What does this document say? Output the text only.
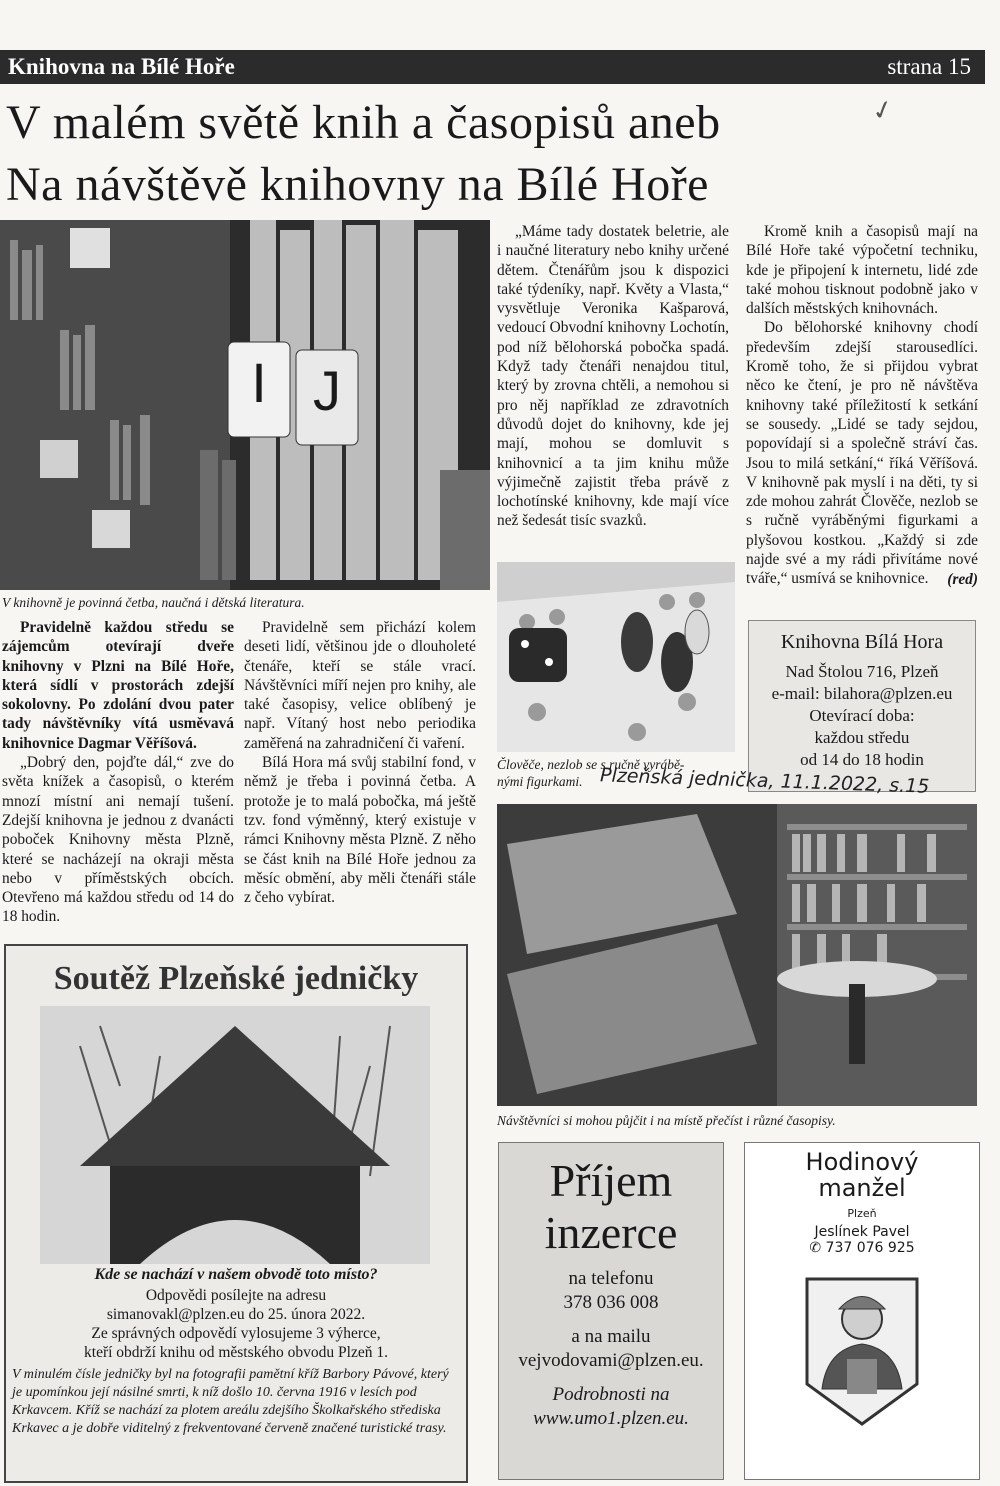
Knihovna na Bílé Hoře	strana 15
✓
V malém světě knih a časopisů aneb
Na návštěvě knihovny na Bílé Hoře
I J
V knihovně je povinná četba, naučná i dětská literatura.

Pravidelně každou středu se zájemcům otevírají dveře knihovny v Plzni na Bílé Hoře, která sídlí v prostorách zdejší sokolovny. Po zdolání dvou pater tady návštěvníky vítá usměvavá knihovnice Dagmar Věříšová.

„Dobrý den, pojďte dál,“ zve do světa knížek a časopisů, o kterém mnozí místní ani nemají tušení. Zdejší knihovna je jednou z dvanácti poboček Knihovny města Plzně, které se nacházejí na okraji města nebo v příměstských obcích. Otevřeno má každou středu od 14 do 18 hodin.

Pravidelně sem přichází kolem deseti lidí, většinou jde o dlouholeté čtenáře, kteří se stále vrací. Návštěvníci míří nejen pro knihy, ale také časopisy, velice oblíbený je např. Vítaný host nebo periodika zaměřená na zahradničení či vaření.

Bílá Hora má svůj stabilní fond, v němž je třeba i povinná četba. A protože je to malá pobočka, má ještě tzv. fond výměnný, který existuje v rámci Knihovny města Plzně. Z něho se část knih na Bílé Hoře jednou za měsíc obmění, aby měli čtenáři stále z čeho vybírat.

„Máme tady dostatek beletrie, ale i naučné literatury nebo knihy určené dětem. Čtenářům jsou k dispozici také týdeníky, např. Květy a Vlasta,“ vysvětluje Veronika Kašparová, vedoucí Obvodní knihovny Lochotín, pod níž bělohorská pobočka spadá. Když tady čtenáři nenajdou titul, který by zrovna chtěli, a nemohou si pro něj například ze zdravotních důvodů dojet do knihovny, kde jej mají, mohou se domluvit s knihovnicí a ta jim knihu může výjimečně zajistit třeba právě z lochotínské knihovny, kde mají více než šedesát tisíc svazků.

Kromě knih a časopisů mají na Bílé Hoře také výpočetní techniku, kde je připojení k internetu, lidé zde také mohou tisknout podobně jako v dalších městských knihovnách.

Do bělohorské knihovny chodí především zdejší starousedlíci. Kromě toho, že si přijdou vybrat něco ke čtení, je pro ně návštěva knihovny také příležitostí k setkání se sousedy. „Lidé se tady sejdou, popovídají si a společně stráví čas. Jsou to milá setkání,“ říká Věříšová. V knihovně pak myslí i na děti, ty si zde mohou zahrát Člověče, nezlob se s ručně vyráběnými figurkami a plyšovou kostkou. „Každý si zde najde své a my rádi přivítáme nové tváře,“ usmívá se knihovnice.	(red)
Knihovna Bílá Hora
Nad Štolou 716, Plzeň
e-mail: bilahora@plzen.eu
Otevírací doba:
každou středu
od 14 do 18 hodin
Člověče, nezlob se s ručně vyrábě-
nými figurkami. Plzeňská jednička, 11.1.2022, s.15
Návštěvníci si mohou půjčit i na místě přečíst i různé časopisy.
Soutěž Plzeňské jedničky
Kde se nachází v našem obvodě toto místo?
Odpovědi posílejte na adresu
simanovakl@plzen.eu do 25. února 2022.
Ze správných odpovědí vylosujeme 3 výherce,
kteří obdrží knihu od městského obvodu Plzeň 1.
V minulém čísle jedničky byl na fotografii pamětní kříž Barbory Pávové, který je upomínkou její násilné smrti, k níž došlo 10. června 1916 v lesích pod Krkavcem. Kříž se nachází za plotem areálu zdejšího Školkařského střediska Krkavec a je dobře viditelný z frekventované červeně značené turistické trasy.
Příjem
inzerce
na telefonu
378 036 008
a na mailu
vejvodovami@plzen.eu.
Podrobnosti na
www.umo1.plzen.eu.
Hodinový
manžel
Plzeň
Jeslínek Pavel
✆ 737 076 925
